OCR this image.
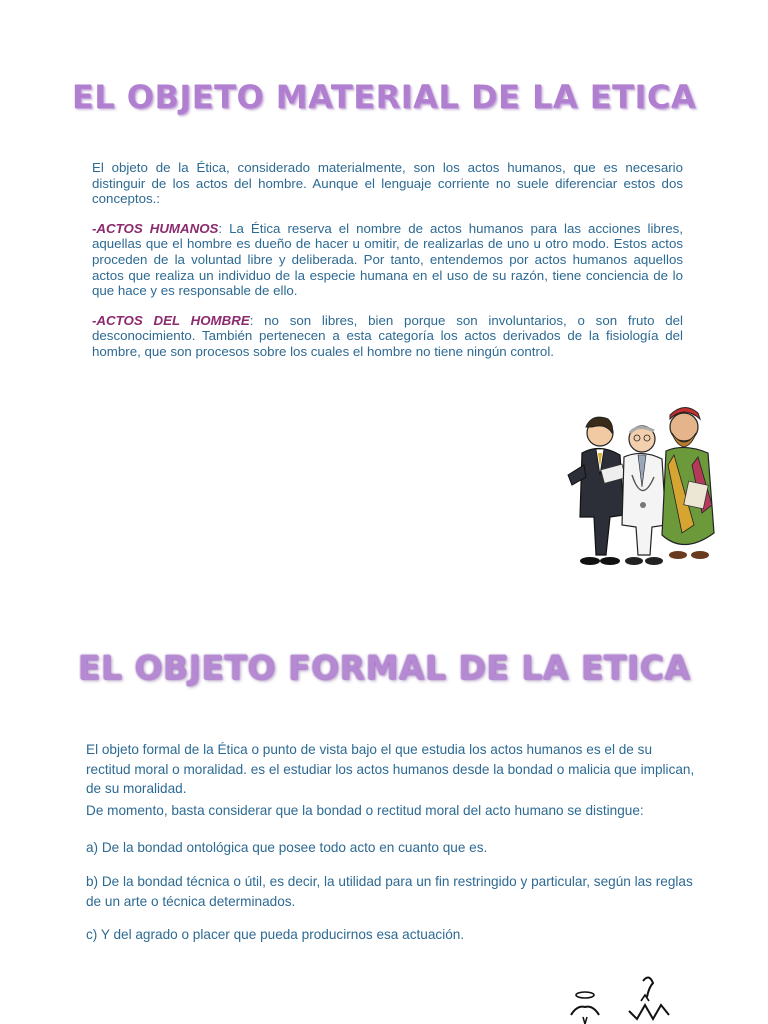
EL OBJETO MATERIAL DE LA ETICA

El objeto de la Ética, considerado materialmente, son los actos humanos, que es necesario distinguir de los actos del hombre. Aunque el lenguaje corriente no suele diferenciar estos dos conceptos.:

-ACTOS HUMANOS: La Ética reserva el nombre de actos humanos para las acciones libres, aquellas que el hombre es dueño de hacer u omitir, de realizarlas de uno u otro modo. Estos actos proceden de la voluntad libre y deliberada. Por tanto, entendemos por actos humanos aquellos actos que realiza un individuo de la especie humana en el uso de su razón, tiene conciencia de lo que hace y es responsable de ello.

-ACTOS DEL HOMBRE: no son libres, bien porque son involuntarios, o son fruto del desconocimiento. También pertenecen a esta categoría los actos derivados de la fisiología del hombre, que son procesos sobre los cuales el hombre no tiene ningún control.

EL OBJETO FORMAL DE LA ETICA

El objeto formal de la Ética o punto de vista bajo el que estudia los actos humanos es el de su rectitud moral o moralidad. es el estudiar los actos humanos desde la bondad o malicia que implican, de su moralidad.

De momento, basta considerar que la bondad o rectitud moral del acto humano se distingue:

a) De la bondad ontológica que posee todo acto en cuanto que es.

b) De la bondad técnica o útil, es decir, la utilidad para un fin restringido y particular, según las reglas de un arte o técnica determinados.

c) Y del agrado o placer que pueda producirnos esa actuación.
